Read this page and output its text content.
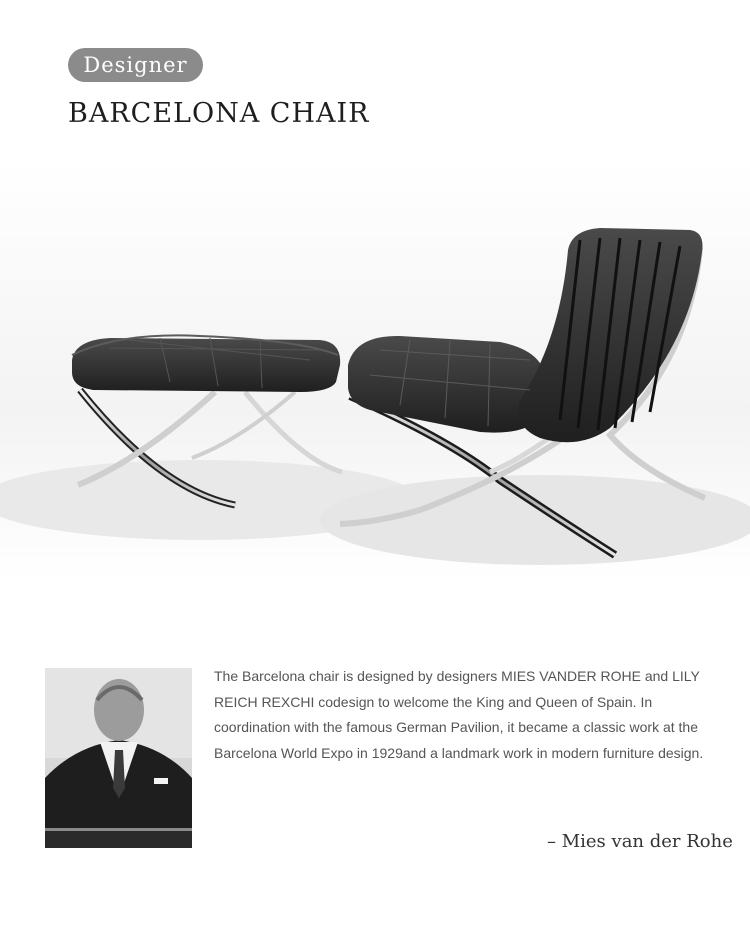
Designer
BARCELONA CHAIR

The Barcelona chair is designed by designers MIES VANDER ROHE and LILY REICH REXCHI codesign to welcome the King and Queen of Spain. In coordination with the famous German Pavilion, it became a classic work at the Barcelona World Expo in 1929and a landmark work in modern furniture design.

– Mies van der Rohe
